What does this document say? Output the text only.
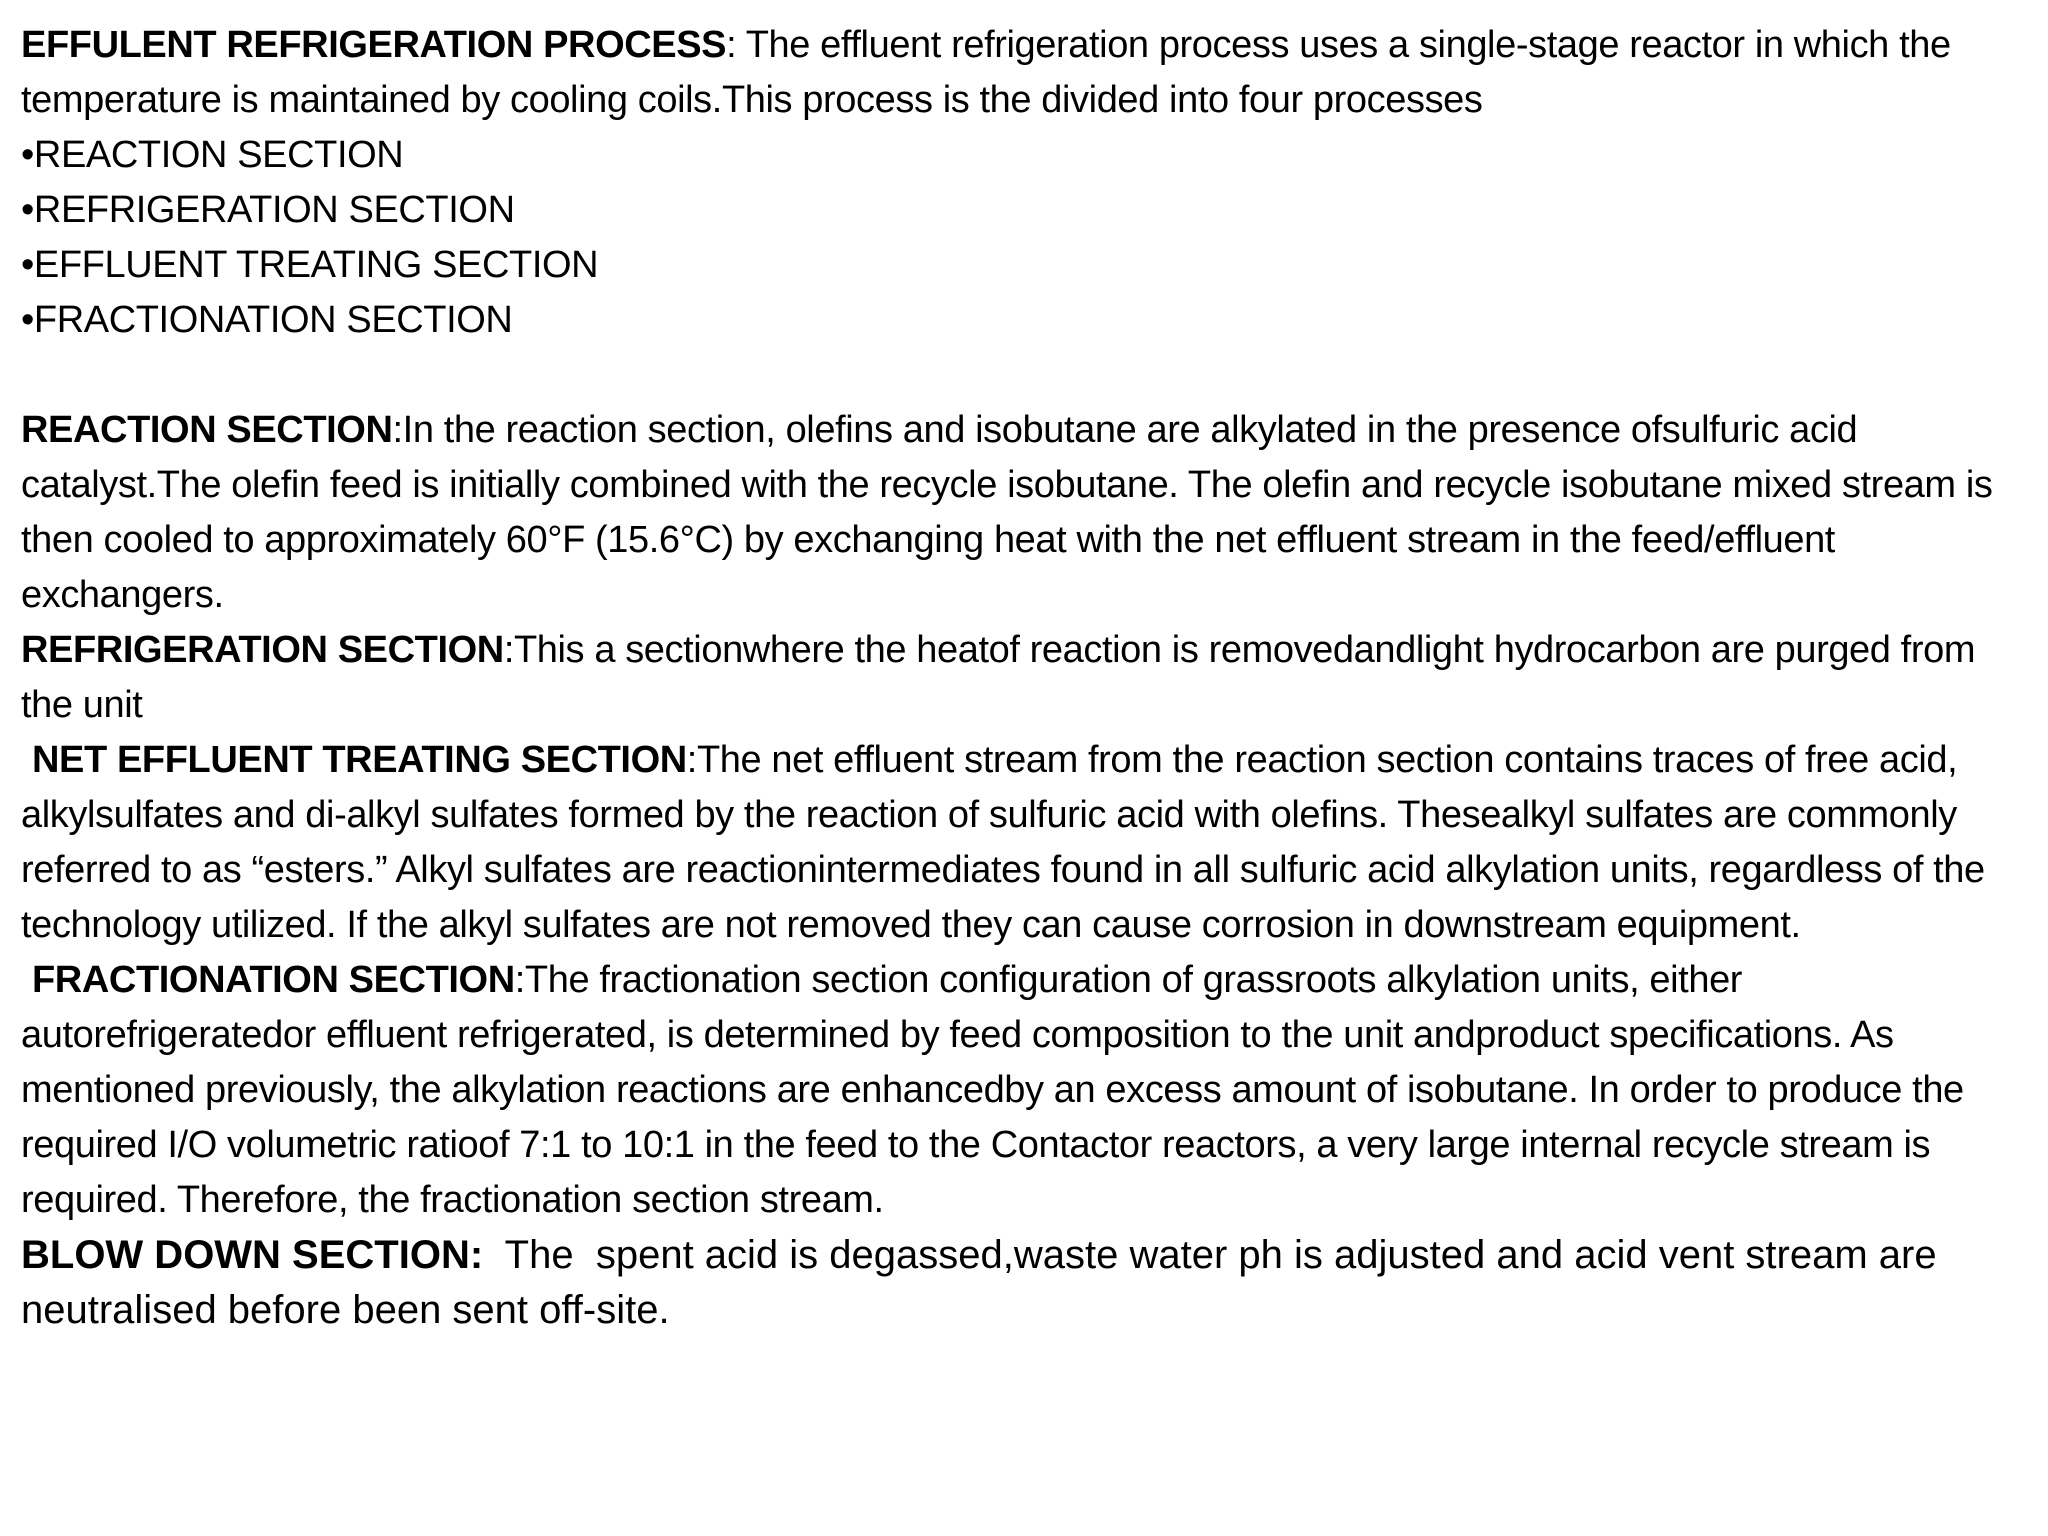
EFFULENT REFRIGERATION PROCESS: The effluent refrigeration process uses a single-stage reactor in which the temperature is maintained by cooling coils.This process is the divided into four processes

•REACTION SECTION
•REFRIGERATION SECTION
•EFFLUENT TREATING SECTION
•FRACTIONATION SECTION

REACTION SECTION:In the reaction section, olefins and isobutane are alkylated in the presence ofsulfuric acid catalyst.The olefin feed is initially combined with the recycle isobutane. The olefin and recycle isobutane mixed stream is then cooled to approximately 60°F (15.6°C) by exchanging heat with the net effluent stream in the feed/effluent exchangers.

REFRIGERATION SECTION:This a sectionwhere the heatof reaction is removedandlight hydrocarbon are purged from the unit

NET EFFLUENT TREATING SECTION:The net effluent stream from the reaction section contains traces of free acid, alkylsulfates and di-alkyl sulfates formed by the reaction of sulfuric acid with olefins. Thesealkyl sulfates are commonly referred to as “esters.” Alkyl sulfates are reactionintermediates found in all sulfuric acid alkylation units, regardless of the technology utilized. If the alkyl sulfates are not removed they can cause corrosion in downstream equipment.

FRACTIONATION SECTION:The fractionation section configuration of grassroots alkylation units, either autorefrigeratedor effluent refrigerated, is determined by feed composition to the unit andproduct specifications. As mentioned previously, the alkylation reactions are enhancedby an excess amount of isobutane. In order to produce the required I/O volumetric ratioof 7:1 to 10:1 in the feed to the Contactor reactors, a very large internal recycle stream is required. Therefore, the fractionation section stream.

BLOW DOWN SECTION:  The  spent acid is degassed,waste water ph is adjusted and acid vent stream are neutralised before been sent off-site.
